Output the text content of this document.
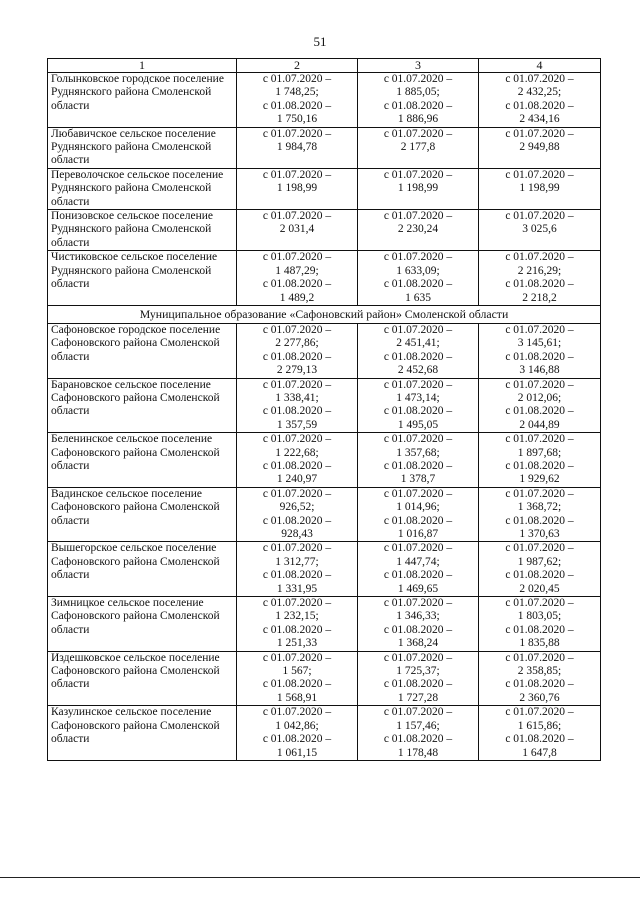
51
1	2	3	4
Голынковское городское поселение Руднянского района Смоленской области	с 01.07.2020 –
1 748,25;
с 01.08.2020 –
1 750,16	с 01.07.2020 –
1 885,05;
с 01.08.2020 –
1 886,96	с 01.07.2020 –
2 432,25;
с 01.08.2020 –
2 434,16

Любавичское сельское поселение Руднянского района Смоленской области	с 01.07.2020 –
1 984,78	с 01.07.2020 –
2 177,8	с 01.07.2020 –
2 949,88

Переволочское сельское поселение Руднянского района Смоленской области	с 01.07.2020 –
1 198,99	с 01.07.2020 –
1 198,99	с 01.07.2020 –
1 198,99

Понизовское сельское поселение Руднянского района Смоленской области	с 01.07.2020 –
2 031,4	с 01.07.2020 –
2 230,24	с 01.07.2020 –
3 025,6

Чистиковское сельское поселение Руднянского района Смоленской области	с 01.07.2020 –
1 487,29;
с 01.08.2020 –
1 489,2	с 01.07.2020 –
1 633,09;
с 01.08.2020 –
1 635	с 01.07.2020 –
2 216,29;
с 01.08.2020 –
2 218,2

Муниципальное образование «Сафоновский район» Смоленской области			
Сафоновское городское поселение Сафоновского района Смоленской области	с 01.07.2020 –
2 277,86;
с 01.08.2020 –
2 279,13	с 01.07.2020 –
2 451,41;
с 01.08.2020 –
2 452,68	с 01.07.2020 –
3 145,61;
с 01.08.2020 –
3 146,88

Барановское сельское поселение Сафоновского района Смоленской области	с 01.07.2020 –
1 338,41;
с 01.08.2020 –
1 357,59	с 01.07.2020 –
1 473,14;
с 01.08.2020 –
1 495,05	с 01.07.2020 –
2 012,06;
с 01.08.2020 –
2 044,89

Беленинское сельское поселение Сафоновского района Смоленской области	с 01.07.2020 –
1 222,68;
с 01.08.2020 –
1 240,97	с 01.07.2020 –
1 357,68;
с 01.08.2020 –
1 378,7	с 01.07.2020 –
1 897,68;
с 01.08.2020 –
1 929,62

Вадинское сельское поселение Сафоновского района Смоленской области	с 01.07.2020 –
926,52;
с 01.08.2020 –
928,43	с 01.07.2020 –
1 014,96;
с 01.08.2020 –
1 016,87	с 01.07.2020 –
1 368,72;
с 01.08.2020 –
1 370,63

Вышегорское сельское поселение Сафоновского района Смоленской области	с 01.07.2020 –
1 312,77;
с 01.08.2020 –
1 331,95	с 01.07.2020 –
1 447,74;
с 01.08.2020 –
1 469,65	с 01.07.2020 –
1 987,62;
с 01.08.2020 –
2 020,45

Зимницкое сельское поселение Сафоновского района Смоленской области	с 01.07.2020 –
1 232,15;
с 01.08.2020 –
1 251,33	с 01.07.2020 –
1 346,33;
с 01.08.2020 –
1 368,24	с 01.07.2020 –
1 803,05;
с 01.08.2020 –
1 835,88

Издешковское сельское поселение Сафоновского района Смоленской области	с 01.07.2020 –
1 567;
с 01.08.2020 –
1 568,91	с 01.07.2020 –
1 725,37;
с 01.08.2020 –
1 727,28	с 01.07.2020 –
2 358,85;
с 01.08.2020 –
2 360,76

Казулинское сельское поселение Сафоновского района Смоленской области	с 01.07.2020 –
1 042,86;
с 01.08.2020 –
1 061,15	с 01.07.2020 –
1 157,46;
с 01.08.2020 –
1 178,48	с 01.07.2020 –
1 615,86;
с 01.08.2020 –
1 647,8
